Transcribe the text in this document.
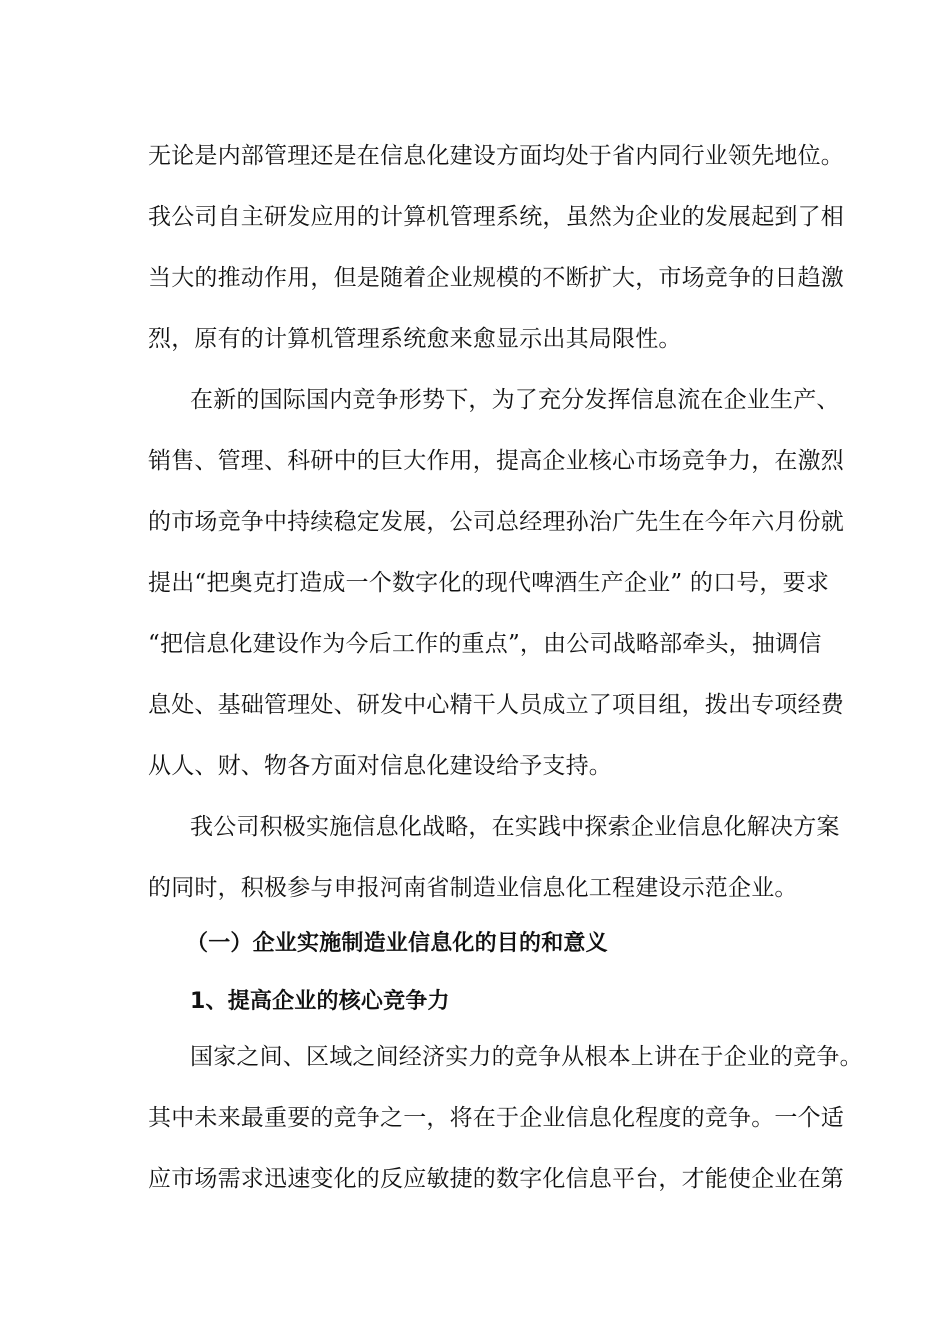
无论是内部管理还是在信息化建设方面均处于省内同行业领先地位。
我公司自主研发应用的计算机管理系统，虽然为企业的发展起到了相
当大的推动作用，但是随着企业规模的不断扩大，市场竞争的日趋激
烈，原有的计算机管理系统愈来愈显示出其局限性。
在新的国际国内竞争形势下，为了充分发挥信息流在企业生产、
销售、管理、科研中的巨大作用，提高企业核心市场竞争力，在激烈
的市场竞争中持续稳定发展，公司总经理孙治广先生在今年六月份就
提出“把奥克打造成一个数字化的现代啤酒生产企业” 的口号，要求
“把信息化建设作为今后工作的重点”，由公司战略部牵头，抽调信
息处、基础管理处、研发中心精干人员成立了项目组，拨出专项经费
从人、财、物各方面对信息化建设给予支持。
我公司积极实施信息化战略，在实践中探索企业信息化解决方案
的同时，积极参与申报河南省制造业信息化工程建设示范企业。
（一）企业实施制造业信息化的目的和意义
1、提高企业的核心竞争力
国家之间、区域之间经济实力的竞争从根本上讲在于企业的竞争。
其中未来最重要的竞争之一，将在于企业信息化程度的竞争。一个适
应市场需求迅速变化的反应敏捷的数字化信息平台，才能使企业在第
